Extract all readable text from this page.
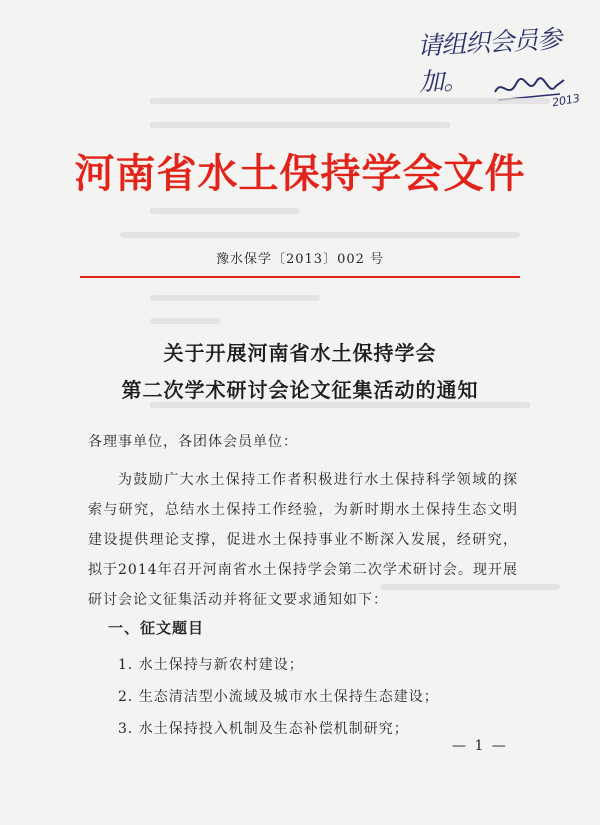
请组织会员参加。
2013
河南省水土保持学会文件
豫水保学〔2013〕002 号
关于开展河南省水土保持学会
第二次学术研讨会论文征集活动的通知
各理事单位，各团体会员单位：
为鼓励广大水土保持工作者积极进行水土保持科学领域的探索与研究，总结水土保持工作经验，为新时期水土保持生态文明建设提供理论支撑，促进水土保持事业不断深入发展，经研究，拟于2014年召开河南省水土保持学会第二次学术研讨会。现开展研讨会论文征集活动并将征文要求通知如下：
一、征文题目
1. 水土保持与新农村建设；
2. 生态清洁型小流域及城市水土保持生态建设；
3. 水土保持投入机制及生态补偿机制研究；
— 1 —
